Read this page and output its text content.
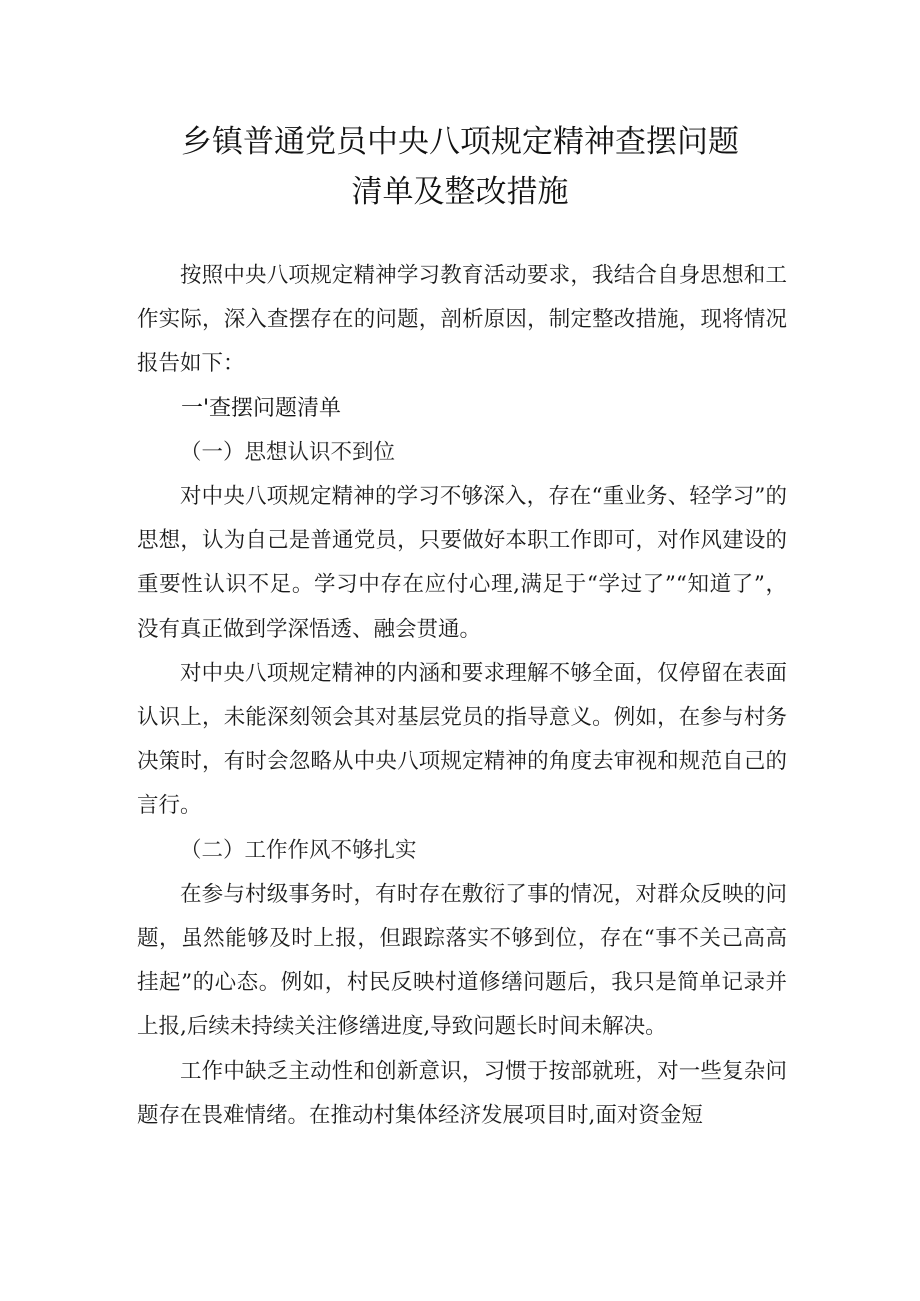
乡镇普通党员中央八项规定精神查摆问题
清单及整改措施

按照中央八项规定精神学习教育活动要求，我结合自身思想和工作实际，深入查摆存在的问题，剖析原因，制定整改措施，现将情况报告如下：

一'查摆问题清单

（一）思想认识不到位

对中央八项规定精神的学习不够深入，存在“重业务、轻学习”的思想，认为自己是普通党员，只要做好本职工作即可，对作风建设的重要性认识不足。学习中存在应付心理,满足于“学过了”“知道了”，没有真正做到学深悟透、融会贯通。

对中央八项规定精神的内涵和要求理解不够全面，仅停留在表面认识上，未能深刻领会其对基层党员的指导意义。例如，在参与村务决策时，有时会忽略从中央八项规定精神的角度去审视和规范自己的言行。

（二）工作作风不够扎实

在参与村级事务时，有时存在敷衍了事的情况，对群众反映的问题，虽然能够及时上报，但跟踪落实不够到位，存在“事不关己高高挂起”的心态。例如，村民反映村道修缮问题后，我只是简单记录并上报,后续未持续关注修缮进度,导致问题长时间未解决。

工作中缺乏主动性和创新意识，习惯于按部就班，对一些复杂问题存在畏难情绪。在推动村集体经济发展项目时,面对资金短
